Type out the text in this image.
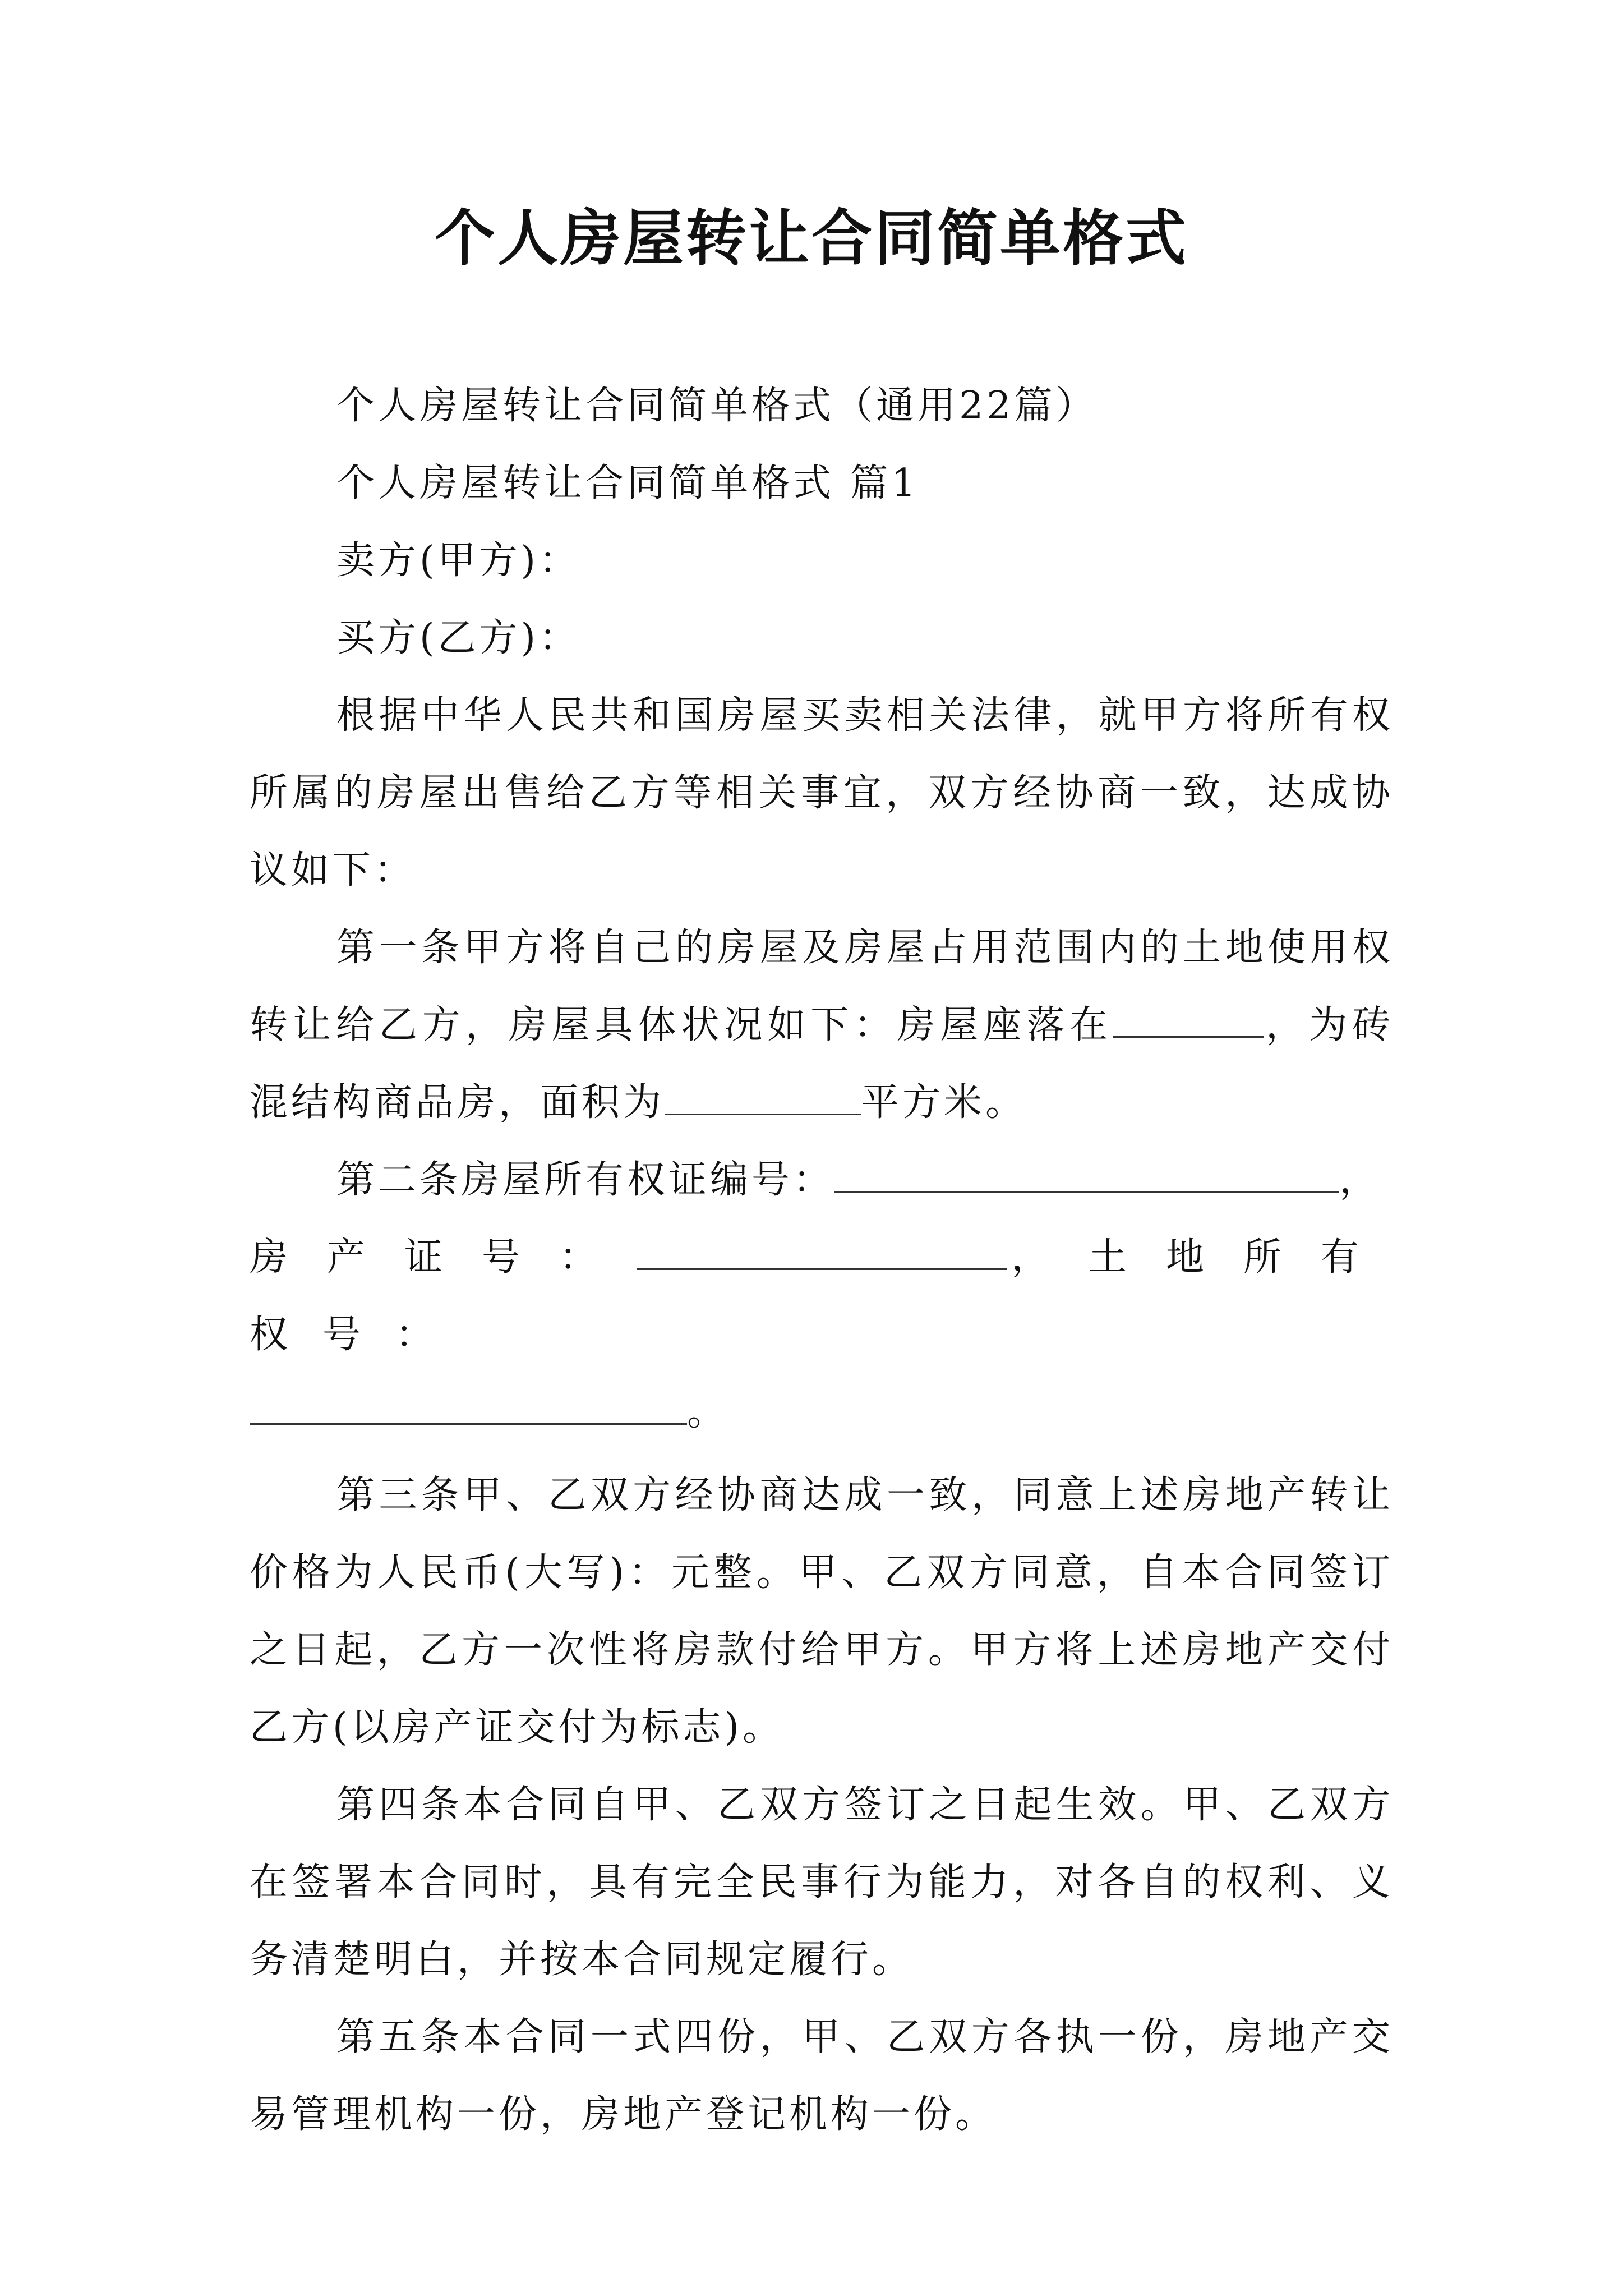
个人房屋转让合同简单格式

个人房屋转让合同简单格式（通用22篇）

个人房屋转让合同简单格式 篇1

卖方(甲方)：

买方(乙方)：

根据中华人民共和国房屋买卖相关法律，就甲方将所有权所属的房屋出售给乙方等相关事宜，双方经协商一致，达成协议如下：

第一条甲方将自己的房屋及房屋占用范围内的土地使用权转让给乙方，房屋具体状况如下：房屋座落在	，为砖混结构商品房，面积为	平方米。

第二条房屋所有权证编号：	，

房产证号：	，土地所有权号：

。

第三条甲、乙双方经协商达成一致，同意上述房地产转让价格为人民币(大写)：元整。甲、乙双方同意，自本合同签订之日起，乙方一次性将房款付给甲方。甲方将上述房地产交付乙方(以房产证交付为标志)。

第四条本合同自甲、乙双方签订之日起生效。甲、乙双方在签署本合同时，具有完全民事行为能力，对各自的权利、义务清楚明白，并按本合同规定履行。

第五条本合同一式四份，甲、乙双方各执一份，房地产交易管理机构一份，房地产登记机构一份。
